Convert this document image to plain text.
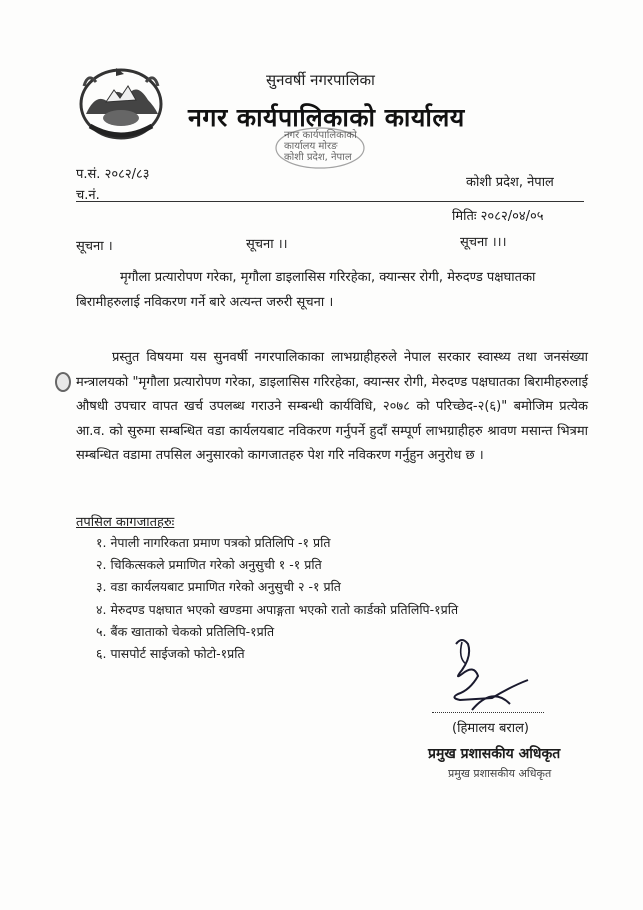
सुनवर्षी नगरपालिका
नगर कार्यपालिकाको कार्यालय
नगर कार्यपालिकाको
कार्यालय मोरङ
कोशी प्रदेश, नेपाल
प.सं. २०८२/८३
च.नं.
कोशी प्रदेश, नेपाल
मितिः २०८२/०४/०५
सूचना ।	सूचना ।।	सूचना ।।।
मृगौला प्रत्यारोपण गरेका, मृगौला डाइलासिस गरिरहेका, क्यान्सर रोगी, मेरुदण्ड पक्षघातका बिरामीहरुलाई नविकरण गर्ने बारे अत्यन्त जरुरी सूचना ।
प्रस्तुत विषयमा यस सुनवर्षी नगरपालिकाका लाभग्राहीहरुले नेपाल सरकार स्वास्थ्य तथा जनसंख्या मन्त्रालयको "मृगौला प्रत्यारोपण गरेका, डाइलासिस गरिरहेका, क्यान्सर रोगी, मेरुदण्ड पक्षघातका बिरामीहरुलाई औषधी उपचार वापत खर्च उपलब्ध गराउने सम्बन्धी कार्यविधि, २०७८ को परिच्छेद-२(६)" बमोजिम प्रत्येक आ.व. को सुरुमा सम्बन्धित वडा कार्यलयबाट नविकरण गर्नुपर्ने हुदाँ सम्पूर्ण लाभग्राहीहरु श्रावण मसान्त भित्रमा सम्बन्धित वडामा तपसिल अनुसारको कागजातहरु पेश गरि नविकरण गर्नुहुन अनुरोध छ ।
तपसिल कागजातहरुः
१. नेपाली नागरिकता प्रमाण पत्रको प्रतिलिपि -१ प्रति
२. चिकित्सकले प्रमाणित गरेको अनुसुची १ -१ प्रति
३. वडा कार्यलयबाट प्रमाणित गरेको अनुसुची २ -१ प्रति
४. मेरुदण्ड पक्षघात भएको खण्डमा अपाङ्गता भएको रातो कार्डको प्रतिलिपि-१प्रति
५. बैंक खाताको चेकको प्रतिलिपि-१प्रति
६. पासपोर्ट साईजको फोटो-१प्रति
(हिमालय बराल)
प्रमुख प्रशासकीय अधिकृत
प्रमुख प्रशासकीय अधिकृत
